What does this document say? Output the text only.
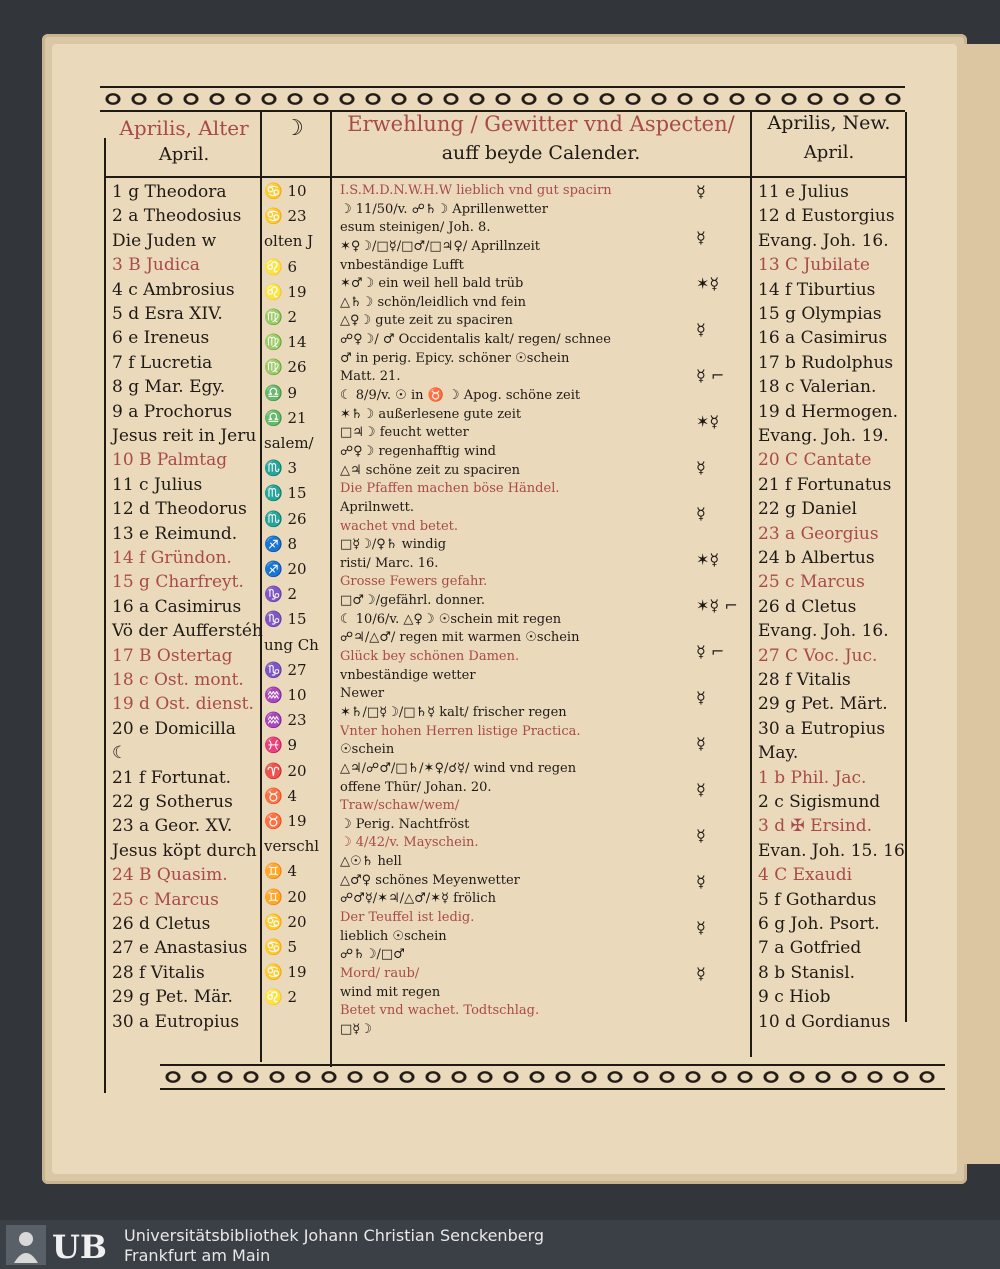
Aprilis, Alter
April.
☽	Erwehlung / Gewitter vnd Aspecten/
auff beyde Calender.
Aprilis, New.
April.
1 g Theodora
2 a Theodosius
Die Juden w
3 B Judica
4 c Ambrosius
5 d Esra XIV.
6 e Ireneus
7 f Lucretia
8 g Mar. Egy.
9 a Prochorus
Jesus reit in Jeru
10 B Palmtag
11 c Julius
12 d Theodorus
13 e Reimund.
14 f Gründon.
15 g Charfreyt.
16 a Casimirus
Vö der Aufferstéh
17 B Ostertag
18 c Ost. mont.
19 d Ost. dienst.
20 e Domicilla
☾
21 f Fortunat.
22 g Sotherus
23 a Geor. XV.
Jesus köpt durch
24 B Quasim.
25 c Marcus
26 d Cletus
27 e Anastasius
28 f Vitalis
29 g Pet. Mär.
30 a Eutropius
♋ 10
♋ 23
olten J
♌ 6
♌ 19
♍ 2
♍ 14
♍ 26
♎ 9
♎ 21
salem/
♏ 3
♏ 15
♏ 26
♐ 8
♐ 20
♑ 2
♑ 15
ung Ch
♑ 27
♒ 10
♒ 23
♓ 9
♈ 20
♉ 4
♉ 19
verschl
♊ 4
♊ 20
♋ 20
♋ 5
♋ 19
♌ 2
I.S.M.D.N.W.H.W lieblich vnd gut spacirn
☽ 11/50/v. ☍♄☽ Aprillenwetter
esum steinigen/ Joh. 8.
✶♀☽/□☿/□♂/□♃♀/ Aprillnzeit
vnbeständige Lufft
✶♂☽ ein weil hell bald trüb
△♄☽ schön/leidlich vnd fein
△♀☽ gute zeit zu spaciren
☍♀☽/ ♂ Occidentalis kalt/ regen/ schnee
♂ in perig. Epicy. schöner ☉schein
Matt. 21.
☾ 8/9/v. ☉ in ♉ ☽ Apog. schöne zeit
✶♄☽ außerlesene gute zeit
□♃☽ feucht wetter
☍♀☽ regenhafftig wind
△♃ schöne zeit zu spaciren
Die Pfaffen machen böse Händel.
Aprilnwett.
wachet vnd betet.
□☿☽/♀♄ windig
risti/ Marc. 16.
Grosse Fewers gefahr.
□♂☽/gefährl. donner.
☾ 10/6/v. △♀☽ ☉schein mit regen
☍♃/△♂/ regen mit warmen ☉schein
Glück bey schönen Damen.
vnbeständige wetter
Newer
✶♄/□☿☽/□♄☿ kalt/ frischer regen
Vnter hohen Herren listige Practica.
☉schein
△♃/☍♂/□♄/✶♀/☌☿/ wind vnd regen
offene Thür/ Johan. 20.
Traw/schaw/wem/
☽ Perig. Nachtfröst
☽ 4/42/v. Mayschein.
△☉♄ hell
△♂♀ schönes Meyenwetter
☍♂☿/✶♃/△♂/✶☿ frölich
Der Teuffel ist ledig.
lieblich ☉schein
☍♄☽/□♂
Mord/ raub/
wind mit regen
Betet vnd wachet. Todtschlag.
□☿☽
☿
☿
✶☿
☿
☿ ⌐
✶☿
☿
☿
✶☿
✶☿ ⌐
☿ ⌐
☿
☿
☿
☿
☿
☿
☿
11 e Julius
12 d Eustorgius
Evang. Joh. 16.
13 C Jubilate
14 f Tiburtius
15 g Olympias
16 a Casimirus
17 b Rudolphus
18 c Valerian.
19 d Hermogen.
Evang. Joh. 19.
20 C Cantate
21 f Fortunatus
22 g Daniel
23 a Georgius
24 b Albertus
25 c Marcus
26 d Cletus
Evang. Joh. 16.
27 C Voc. Juc.
28 f Vitalis
29 g Pet. Märt.
30 a Eutropius
May.
1 b Phil. Jac.
2 c Sigismund
3 d ✠ Ersind.
Evan. Joh. 15. 16
4 C Exaudi
5 f Gothardus
6 g Joh. Psort.
7 a Gotfried
8 b Stanisl.
9 c Hiob
10 d Gordianus
UB Universitätsbibliothek Johann Christian Senckenberg
Frankfurt am Main
